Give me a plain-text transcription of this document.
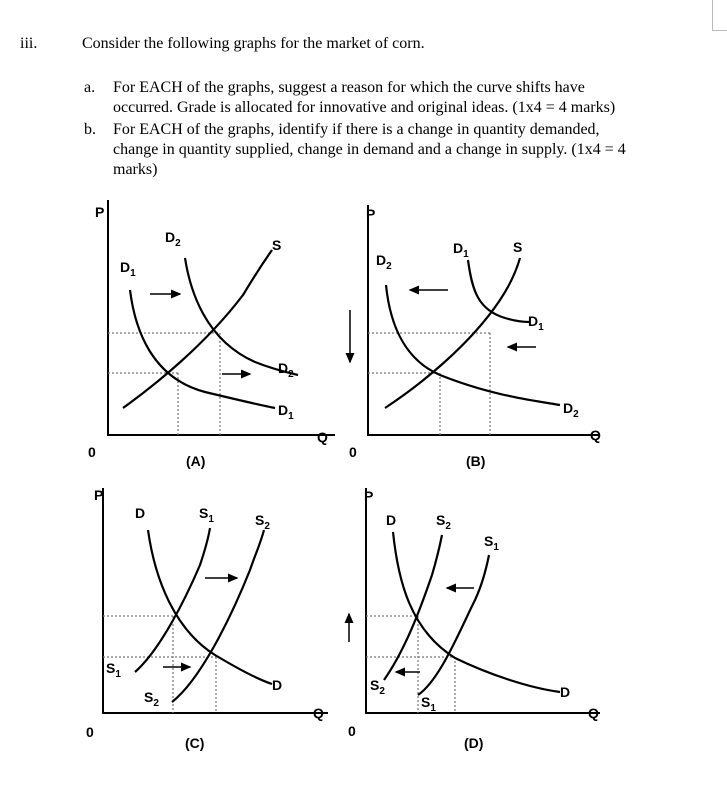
iii.	Consider the following graphs for the market of corn.
a.	For EACH of the graphs, suggest a reason for which the curve shifts have
occurred. Grade is allocated for innovative and original ideas. (1x4 = 4 marks)
b.	For EACH of the graphs, identify if there is a change in quantity demanded,
change in quantity supplied, change in demand and a change in supply. (1x4 = 4
marks)
P
0
Q
$D_1$
$D_2$	S
$D_2$
$D_1$
(A)
P
0
Q
$D_2$
$D_1$	S
$D_1$
$D_2$
(B)
P
0
Q
D	$S_1$	$S_2$
$S_1$
$S_2$
D
(C)
P
0
Q
D	$S_2$
$S_1$
$S_2$
$S_1$
D
(D)
